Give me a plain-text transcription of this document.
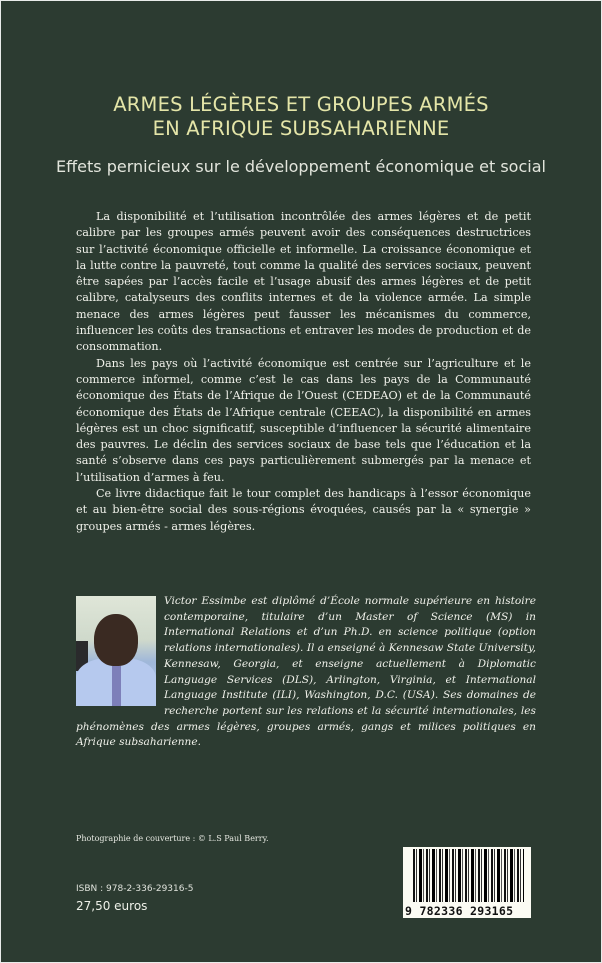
ARMES LÉGÈRES ET GROUPES ARMÉS
EN AFRIQUE SUBSAHARIENNE
Effets pernicieux sur le développement économique et social

La disponibilité et l’utilisation incontrôlée des armes légères et de petit calibre par les groupes armés peuvent avoir des conséquences destructrices sur l’activité économique officielle et informelle. La croissance économique et la lutte contre la pauvreté, tout comme la qualité des services sociaux, peuvent être sapées par l’accès facile et l’usage abusif des armes légères et de petit calibre, catalyseurs des conflits internes et de la violence armée. La simple menace des armes légères peut fausser les mécanismes du commerce, influencer les coûts des transactions et entraver les modes de production et de consommation.

Dans les pays où l’activité économique est centrée sur l’agriculture et le commerce informel, comme c’est le cas dans les pays de la Communauté économique des États de l’Afrique de l’Ouest (CEDEAO) et de la Communauté économique des États de l’Afrique centrale (CEEAC), la disponibilité en armes légères est un choc significatif, susceptible d’influencer la sécurité alimentaire des pauvres. Le déclin des services sociaux de base tels que l’éducation et la santé s’observe dans ces pays particulièrement submergés par la menace et l’utilisation d’armes à feu.

Ce livre didactique fait le tour complet des handicaps à l’essor économique et au bien-être social des sous-régions évoquées, causés par la « synergie » groupes armés - armes légères.

Victor Essimbe est diplômé d’École normale supérieure en histoire contemporaine, titulaire d’un Master of Science (MS) in International Relations et d’un Ph.D. en science politique (option relations internationales). Il a enseigné à Kennesaw State University, Kennesaw, Georgia, et enseigne actuellement à Diplomatic Language Services (DLS), Arlington, Virginia, et International Language Institute (ILI), Washington, D.C. (USA). Ses domaines de recherche portent sur les relations et la sécurité internationales, les phénomènes des armes légères, groupes armés, gangs et milices politiques en Afrique subsaharienne.
Photographie de couverture : © L.S Paul Berry.
ISBN : 978-2-336-29316-5
27,50 euros	9 782336 293165
